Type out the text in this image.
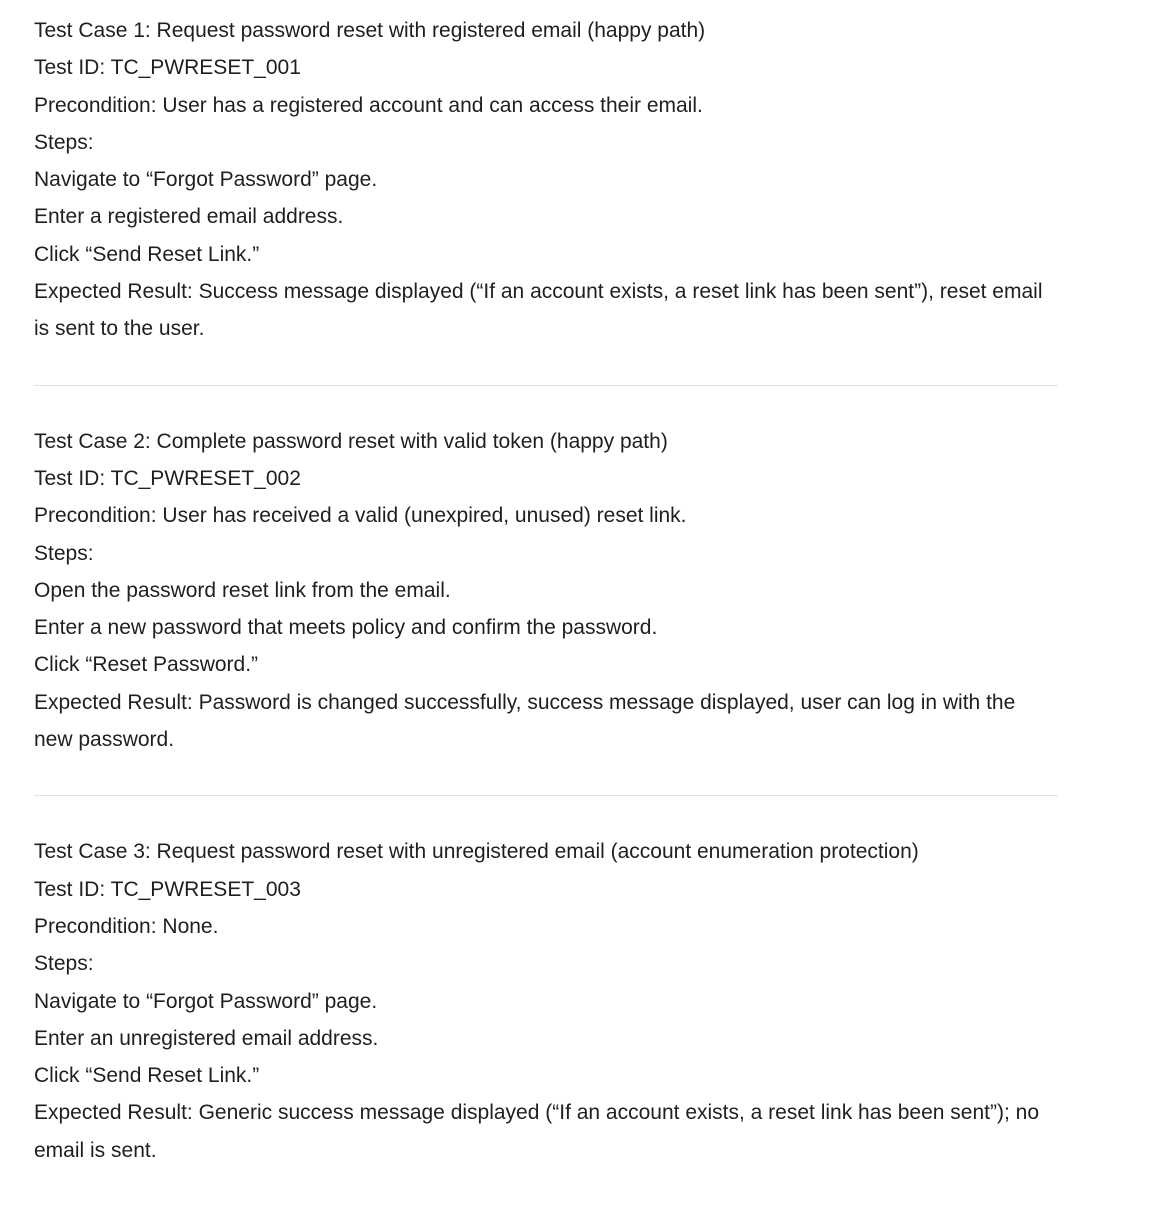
Test Case 1: Request password reset with registered email (happy path)

Test ID: TC_PWRESET_001

Precondition: User has a registered account and can access their email.

Steps:

Navigate to “Forgot Password” page.

Enter a registered email address.

Click “Send Reset Link.”

Expected Result: Success message displayed (“If an account exists, a reset link has been sent”), reset email is sent to the user.

Test Case 2: Complete password reset with valid token (happy path)

Test ID: TC_PWRESET_002

Precondition: User has received a valid (unexpired, unused) reset link.

Steps:

Open the password reset link from the email.

Enter a new password that meets policy and confirm the password.

Click “Reset Password.”

Expected Result: Password is changed successfully, success message displayed, user can log in with the new password.

Test Case 3: Request password reset with unregistered email (account enumeration protection)

Test ID: TC_PWRESET_003

Precondition: None.

Steps:

Navigate to “Forgot Password” page.

Enter an unregistered email address.

Click “Send Reset Link.”

Expected Result: Generic success message displayed (“If an account exists, a reset link has been sent”); no email is sent.
